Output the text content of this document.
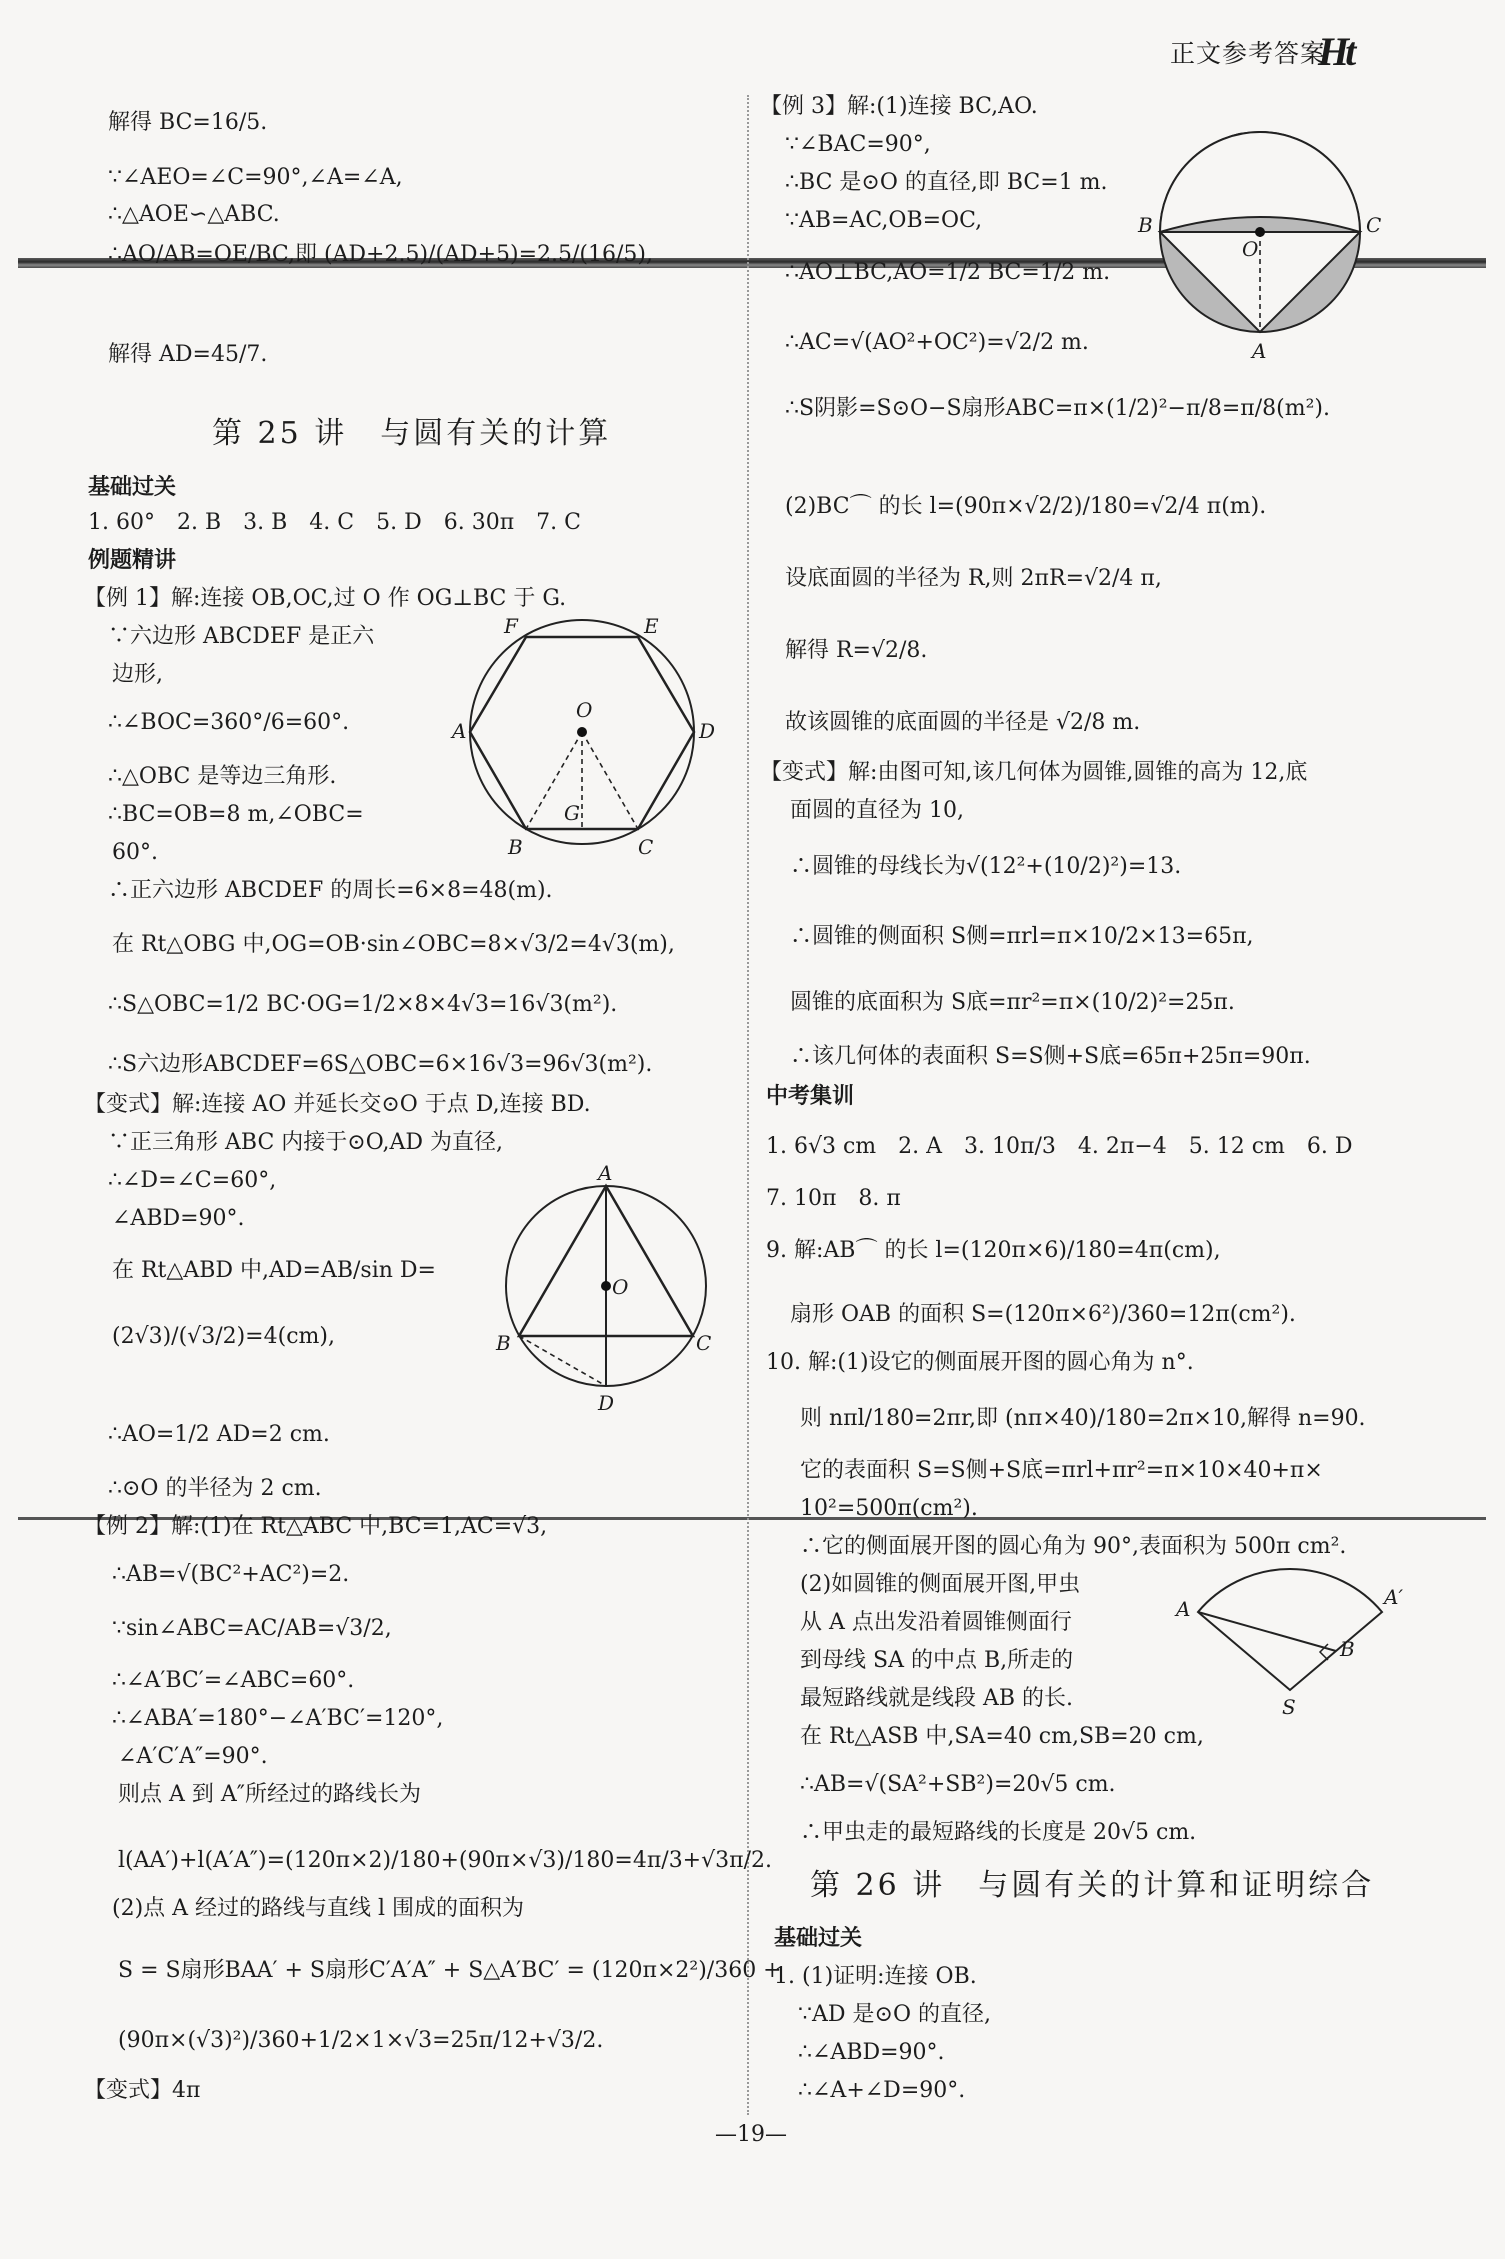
正文参考答案
Ht
解得 BC=16/5.
∵∠AEO=∠C=90°,∠A=∠A,
∴△AOE∽△ABC.
∴AO/AB=OE/BC,即 (AD+2.5)/(AD+5)=2.5/(16/5),
解得 AD=45/7.
第 25 讲　与圆有关的计算
基础过关
1. 60°　2. B　3. B　4. C　5. D　6. 30π　7. C
例题精讲
【例 1】解:连接 OB,OC,过 O 作 OG⊥BC 于 G.
∵六边形 ABCDEF 是正六
边形,
∴∠BOC=360°/6=60°.
∴△OBC 是等边三角形.
∴BC=OB=8 m,∠OBC=
60°.
∴正六边形 ABCDEF 的周长=6×8=48(m).
在 Rt△OBG 中,OG=OB·sin∠OBC=8×√3/2=4√3(m),
∴S△OBC=1/2 BC·OG=1/2×8×4√3=16√3(m²).
∴S六边形ABCDEF=6S△OBC=6×16√3=96√3(m²).
F	E
A	D
B	C
O
G
【变式】解:连接 AO 并延长交⊙O 于点 D,连接 BD.
∵正三角形 ABC 内接于⊙O,AD 为直径,
∴∠D=∠C=60°,
∠ABD=90°.
在 Rt△ABD 中,AD=AB/sin D=
(2√3)/(√3/2)=4(cm),
∴AO=1/2 AD=2 cm.
∴⊙O 的半径为 2 cm.
A
O
B	C
D
【例 2】解:(1)在 Rt△ABC 中,BC=1,AC=√3,
∴AB=√(BC²+AC²)=2.
∵sin∠ABC=AC/AB=√3/2,
∴∠A′BC′=∠ABC=60°.
∴∠ABA′=180°−∠A′BC′=120°,
∠A′C′A″=90°.
则点 A 到 A″所经过的路线长为
l(AA′)+l(A′A″)=(120π×2)/180+(90π×√3)/180=4π/3+√3π/2.
(2)点 A 经过的路线与直线 l 围成的面积为
S = S扇形BAA′ + S扇形C′A′A″ + S△A′BC′ = (120π×2²)/360 +
(90π×(√3)²)/360+1/2×1×√3=25π/12+√3/2.
【变式】4π
【例 3】解:(1)连接 BC,AO.
∵∠BAC=90°,
∴BC 是⊙O 的直径,即 BC=1 m.
∵AB=AC,OB=OC,
∴AO⊥BC,AO=1/2 BC=1/2 m.
∴AC=√(AO²+OC²)=√2/2 m.
∴S阴影=S⊙O−S扇形ABC=π×(1/2)²−π/8=π/8(m²).
(2)BC⌒ 的长 l=(90π×√2/2)/180=√2/4 π(m).
设底面圆的半径为 R,则 2πR=√2/4 π,
解得 R=√2/8.
故该圆锥的底面圆的半径是 √2/8 m.
B	C
O
A
【变式】解:由图可知,该几何体为圆锥,圆锥的高为 12,底
面圆的直径为 10,
∴圆锥的母线长为√(12²+(10/2)²)=13.
∴圆锥的侧面积 S侧=πrl=π×10/2×13=65π,
圆锥的底面积为 S底=πr²=π×(10/2)²=25π.
∴该几何体的表面积 S=S侧+S底=65π+25π=90π.
中考集训
1. 6√3 cm　2. A　3. 10π/3　4. 2π−4　5. 12 cm　6. D
7. 10π　8. π
9. 解:AB⌒ 的长 l=(120π×6)/180=4π(cm),
扇形 OAB 的面积 S=(120π×6²)/360=12π(cm²).
10. 解:(1)设它的侧面展开图的圆心角为 n°.
则 nπl/180=2πr,即 (nπ×40)/180=2π×10,解得 n=90.
它的表面积 S=S侧+S底=πrl+πr²=π×10×40+π×
10²=500π(cm²).
∴它的侧面展开图的圆心角为 90°,表面积为 500π cm².
(2)如圆锥的侧面展开图,甲虫
从 A 点出发沿着圆锥侧面行
到母线 SA 的中点 B,所走的
最短路线就是线段 AB 的长.
在 Rt△ASB 中,SA=40 cm,SB=20 cm,
∴AB=√(SA²+SB²)=20√5 cm.
∴甲虫走的最短路线的长度是 20√5 cm.
A	A′
B
S
第 26 讲　与圆有关的计算和证明综合
基础过关
1. (1)证明:连接 OB.
∵AD 是⊙O 的直径,
∴∠ABD=90°.
∴∠A+∠D=90°.
—19—
